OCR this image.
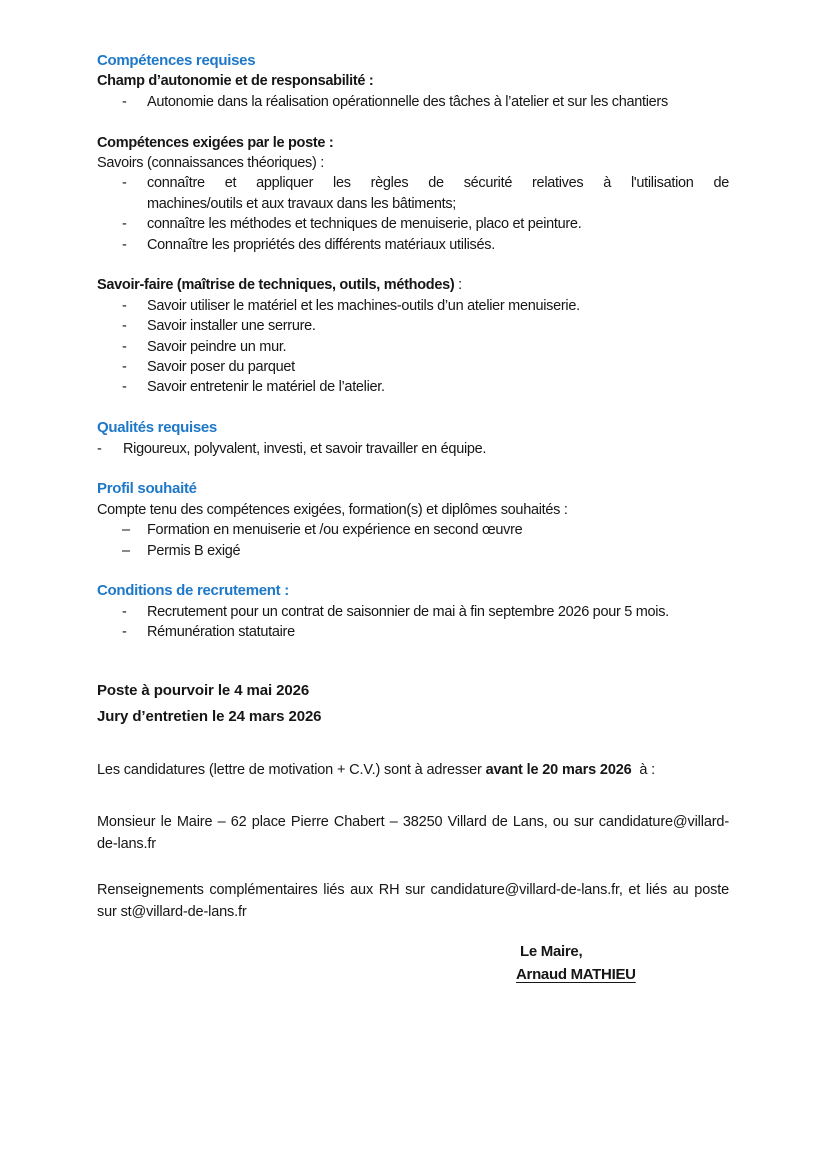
Compétences requises

Champ d’autonomie et de responsabilité :

-	Autonomie dans la réalisation opérationnelle des tâches à l’atelier et sur les chantiers

Compétences exigées par le poste :

Savoirs (connaissances théoriques) :

-	connaître et appliquer les règles de sécurité relatives à l'utilisation de
machines/outils et aux travaux dans les bâtiments;
-	connaître les méthodes et techniques de menuiserie, placo et peinture.
-	Connaître les propriétés des différents matériaux utilisés.

Savoir-faire (maîtrise de techniques, outils, méthodes) :

-	Savoir utiliser le matériel et les machines-outils d’un atelier menuiserie.
-	Savoir installer une serrure.
-	Savoir peindre un mur.
-	Savoir poser du parquet
-	Savoir entretenir le matériel de l’atelier.

Qualités requises

-	Rigoureux, polyvalent, investi, et savoir travailler en équipe.

Profil souhaité

Compte tenu des compétences exigées, formation(s) et diplômes souhaités :

–	Formation en menuiserie et /ou expérience en second œuvre
–	Permis B exigé

Conditions de recrutement :

-	Recrutement pour un contrat de saisonnier de mai à fin septembre 2026 pour 5 mois.
-	Rémunération statutaire

Poste à pourvoir le 4 mai 2026

Jury d’entretien le 24 mars 2026

Les candidatures (lettre de motivation + C.V.) sont à adresser avant le 20 mars 2026  à :

Monsieur le Maire – 62 place Pierre Chabert – 38250 Villard de Lans, ou sur candidature@villard-
de-lans.fr
Renseignements complémentaires liés aux RH sur candidature@villard-de-lans.fr, et liés au poste
sur st@villard-de-lans.fr
Le Maire,
Arnaud MATHIEU
